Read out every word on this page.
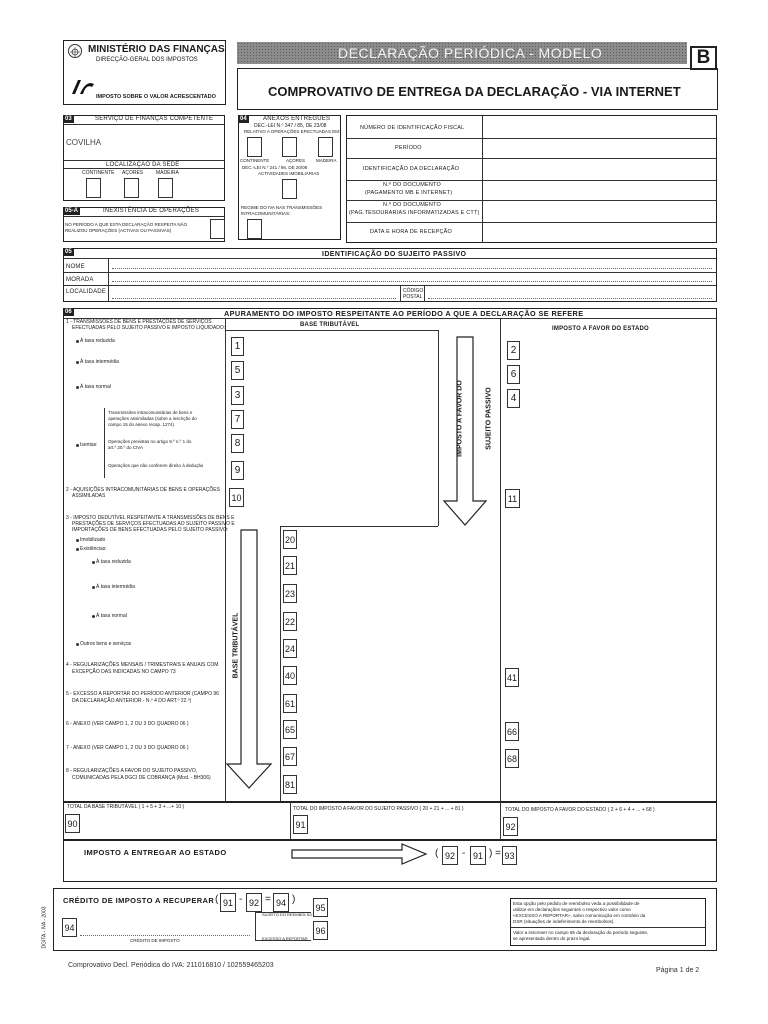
MINISTÉRIO DAS FINANÇAS
DIRECÇÃO-GERAL DOS IMPOSTOS
IMPOSTO SOBRE O VALOR ACRESCENTADO
DECLARAÇÃO PERIÓDICA - MODELO	B
COMPROVATIVO DE ENTREGA DA DECLARAÇÃO - VIA INTERNET
03	SERVIÇO DE FINANÇAS COMPETENTE
COVILHA
LOCALIZAÇÃO DA SEDE
CONTINENTE AÇORES	MADEIRA
04	ANEXOS ENTREGUES
DEC.-LEI N.º 347 / 85, DE 23/08
RELATIVO A OPERAÇÕES EFECTUADAS EM:
CONTINENTE	AÇORES MADEIRA
DEC.-LEI N.º 241 / 86, DE 20/08
ACTIVIDADES IMOBILIÁRIAS
REGIME DO IVA NAS TRANSMISSÕES
INTRACOMUNITÁRIAS:
05-A	INEXISTÊNCIA DE OPERAÇÕES
NO PERÍODO A QUE ESTA DECLARAÇÃO RESPEITA NÃO
REALIZOU OPERAÇÕES (ACTIVAS OU PASSIVAS)
NÚMERO DE IDENTIFICAÇÃO FISCAL
PERÍODO
IDENTIFICAÇÃO DA DECLARAÇÃO
N.º DO DOCUMENTO
(PAGAMENTO MB E INTERNET)
N.º DO DOCUMENTO
(PAG.TESOURARIAS INFORMATIZADAS E CTT)
DATA E HORA DE RECEPÇÃO
05	IDENTIFICAÇÃO DO SUJEITO PASSIVO
NOME
MORADA
LOCALIDADE	CÓDIGO
POSTAL
06	APURAMENTO DO IMPOSTO RESPEITANTE AO PERÍODO A QUE A DECLARAÇÃO SE REFERE
BASE TRIBUTÁVEL
IMPOSTO A FAVOR DO ESTADO
IMPOSTO A FAVOR DO	SUJEITO PASSIVO
BASE TRIBUTÁVEL
1 - TRANSMISSÕES DE BENS E PRESTAÇÕES DE SERVIÇOS
EFECTUADAS PELO SUJEITO PASSIVO E IMPOSTO LIQUIDADO:
À taxa reduzida
À taxa intermédia
À taxa normal
Transmissões intracomunitárias de bens e
operações assimiladas (sobre a inscrição do
campo 15 do anexo recap. 1274)
Isentas:
Operações previstas no artigo 9.º n.º 1 do
art.º 20.º do CIVA
Operações que não conferem direito à dedução
2 - AQUISIÇÕES INTRACOMUNITÁRIAS DE BENS E OPERAÇÕES
ASSIMILADAS
3 - IMPOSTO DEDUTÍVEL RESPEITANTE A TRANSMISSÕES DE BENS E
PRESTAÇÕES DE SERVIÇOS EFECTUADAS AO SUJEITO PASSIVO E
IMPORTAÇÕES DE BENS EFECTUADAS PELO SUJEITO PASSIVO:
Imobilizado
Existências:
À taxa reduzida
À taxa intermédia
À taxa normal
Outros bens e serviços
4 - REGULARIZAÇÕES MENSAIS / TRIMESTRAIS E ANUAIS COM
EXCEPÇÃO DAS INDICADAS NO CAMPO 73
5 - EXCESSO A REPORTAR DO PERÍODO ANTERIOR (CAMPO 96
DA DECLARAÇÃO ANTERIOR - N.º 4 DO ART.º 22.º)
6 - ANEXO (VER CAMPO 1, 2 OU 3 DO QUADRO 06 )
7 - ANEXO (VER CAMPO 1, 2 OU 3 DO QUADRO 06 )
8 - REGULARIZAÇÕES A FAVOR DO SUJEITO PASSIVO,
COMUNICADAS PELA DGCI DE COBRANÇA (Mod. - BH306)
1	2
5	6
3	4
7
8
9
10	11
20
21
23
22
24
40	41
61
65	66
67	68
81
TOTAL DA BASE TRIBUTÁVEL ( 1 + 5 + 3 + ...+ 10 )	TOTAL DO IMPOSTO A FAVOR DO SUJEITO PASSIVO ( 20 + 21 + ... + 81 )	TOTAL DO IMPOSTO A FAVOR DO ESTADO ( 2 + 6 + 4 + ... + 68 )
90	91	92
IMPOSTO A ENTREGAR AO ESTADO	( 92 - 91 ) = 93
CRÉDITO DE IMPOSTO A RECUPERAR ( 91 - 92 = 94 )
95
96
94
SUJEITO DO REEMBOLSO
EXCESSO A REPORTAR
CRÉDITO DE IMPOSTO
Esta opção pelo pedido de reembolso veda a possibilidade de
utilizar em declarações seguintes o respectivo valor como
«EXCESSO A REPORTAR», salvo comunicação em contrário da
DSR (situações de indeferimento de reembolsos).
Valor a inscrever no campo 65 da declaração do período seguinte,
se apresentada dentro do prazo legal.
DGITA - IVA - 2003
Comprovativo Decl. Periódica do IVA: 211016810 / 102559465203
Página 1 de 2
